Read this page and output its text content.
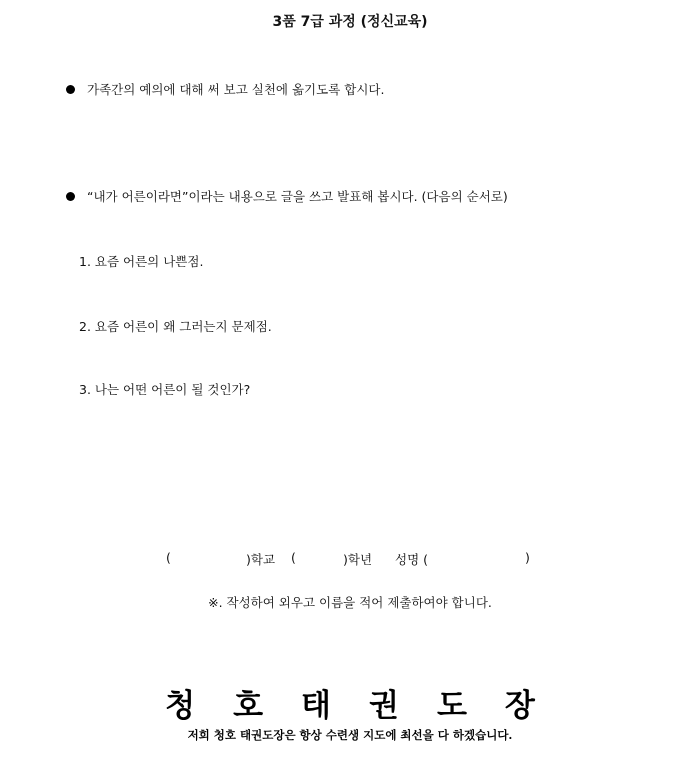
3품 7급 과정 (정신교육)
가족간의 예의에 대해 써 보고 실천에 옮기도록 합시다.
“내가 어른이라면”이라는 내용으로 글을 쓰고 발표해 봅시다. (다음의 순서로)
1. 요즘 어른의 나쁜점.
2. 요즘 어른이 왜 그러는지 문제점.
3. 나는 어떤 어른이 될 것인가?
(	)학교 (	)학년 성명 (	)
※. 작성하여 외우고 이름을 적어 제출하여야 합니다.
청 호 태 권 도 장
저희 청호 태권도장은 항상 수련생 지도에 최선을 다 하겠습니다.
